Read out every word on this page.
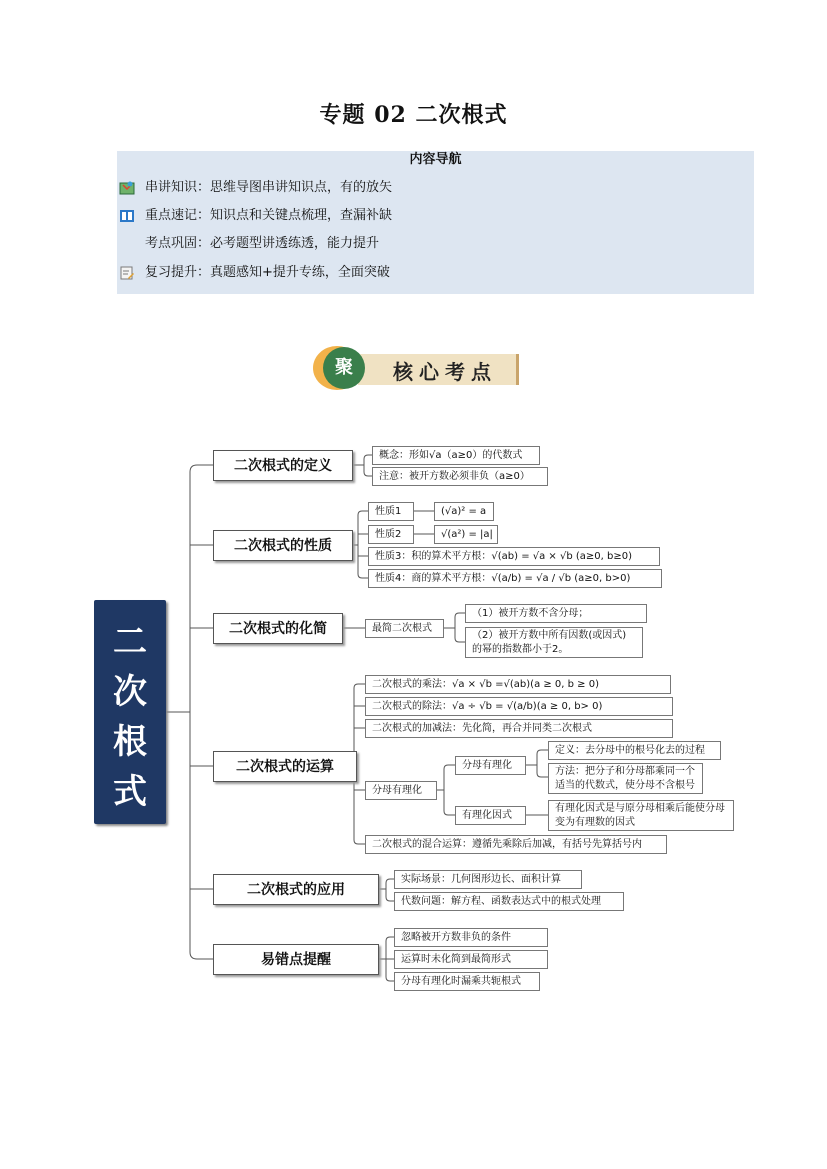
专题 02 二次根式
内容导航
串讲知识：思维导图串讲知识点，有的放矢
重点速记：知识点和关键点梳理，查漏补缺
考点巩固：必考题型讲透练透，能力提升
复习提升：真题感知+提升专练，全面突破
核心考点
聚
二
次
根
式
二次根式的定义
二次根式的性质
二次根式的化简
二次根式的运算
二次根式的应用
易错点提醒
概念：形如√a（a≥0）的代数式
注意：被开方数必须非负（a≥0）
性质1	(√a)² = a
性质2	√(a²) = |a|
性质3：积的算术平方根：√(ab) = √a × √b (a≥0, b≥0)
性质4：商的算术平方根：√(a/b) = √a / √b (a≥0, b>0)
最简二次根式
（1）被开方数不含分母；
（2）被开方数中所有因数(或因式)的幂的指数都小于2。
二次根式的乘法：√a × √b =√(ab)(a ≥ 0, b ≥ 0)
二次根式的除法：√a ÷ √b = √(a/b)(a ≥ 0, b> 0)
二次根式的加减法：先化简，再合并同类二次根式
分母有理化
分母有理化
定义：去分母中的根号化去的过程
方法：把分子和分母都乘同一个适当的代数式，使分母不含根号
有理化因式
有理化因式是与原分母相乘后能使分母变为有理数的因式
二次根式的混合运算：遵循先乘除后加减，有括号先算括号内
实际场景：几何图形边长、面积计算
代数问题：解方程、函数表达式中的根式处理
忽略被开方数非负的条件
运算时未化简到最简形式
分母有理化时漏乘共轭根式
